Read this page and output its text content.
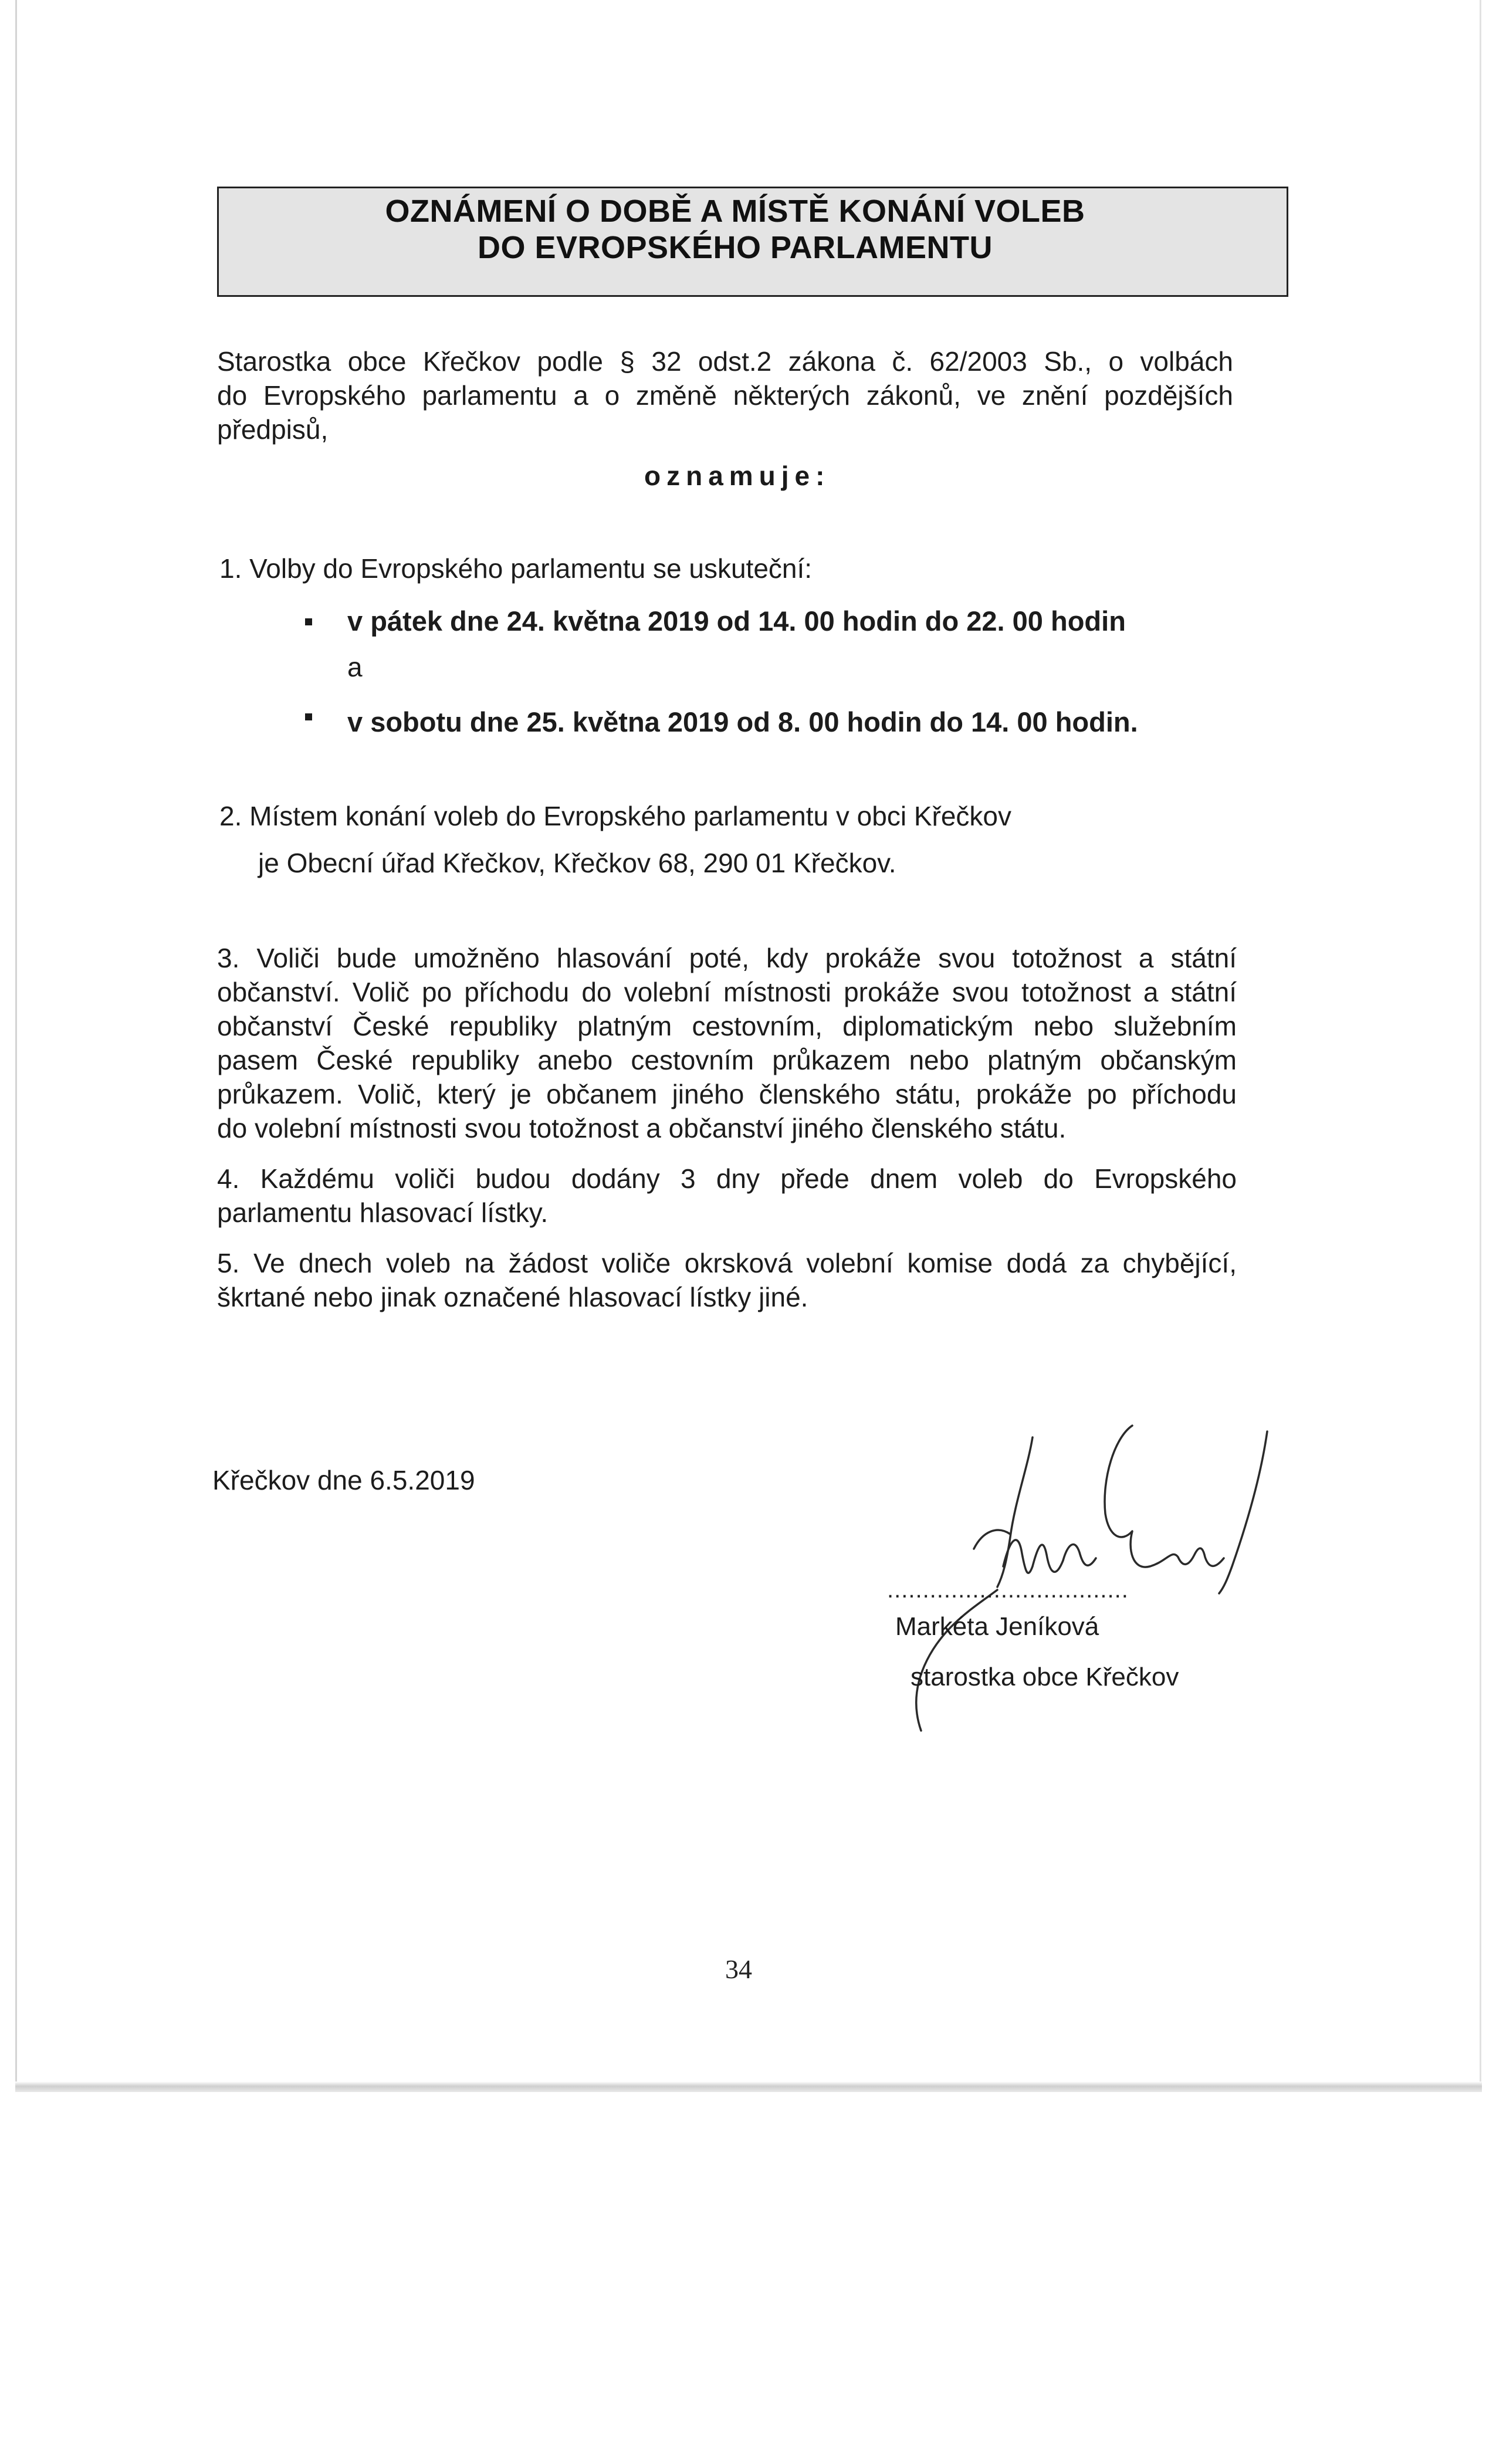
OZNÁMENÍ O DOBĚ A MÍSTĚ KONÁNÍ VOLEB
DO EVROPSKÉHO PARLAMENTU
Starostka obce Křečkov podle § 32 odst.2 zákona č. 62/2003 Sb., o volbách
do Evropského parlamentu a o změně některých zákonů, ve znění pozdějších
předpisů,
oznamuje:
1. Volby do Evropského parlamentu se uskuteční:
v pátek dne 24. května 2019 od 14. 00 hodin do 22. 00 hodin
a
v sobotu dne 25. května 2019 od 8. 00 hodin do 14. 00 hodin.
2. Místem konání voleb do Evropského parlamentu v obci Křečkov
je Obecní úřad Křečkov, Křečkov 68, 290 01 Křečkov.
3. Voliči bude umožněno hlasování poté, kdy prokáže svou totožnost a státní
občanství. Volič po příchodu do volební místnosti prokáže svou totožnost a státní
občanství České republiky platným cestovním, diplomatickým nebo služebním
pasem České republiky anebo cestovním průkazem nebo platným občanským
průkazem. Volič, který je občanem jiného členského státu, prokáže po příchodu
do volební místnosti svou totožnost a občanství jiného členského státu.
4. Každému voliči budou dodány 3 dny přede dnem voleb do Evropského
parlamentu hlasovací lístky.
5. Ve dnech voleb na žádost voliče okrsková volební komise dodá za chybějící,
škrtané nebo jinak označené hlasovací lístky jiné.
Křečkov dne 6.5.2019
..................................
Markéta Jeníková
starostka obce Křečkov
34
